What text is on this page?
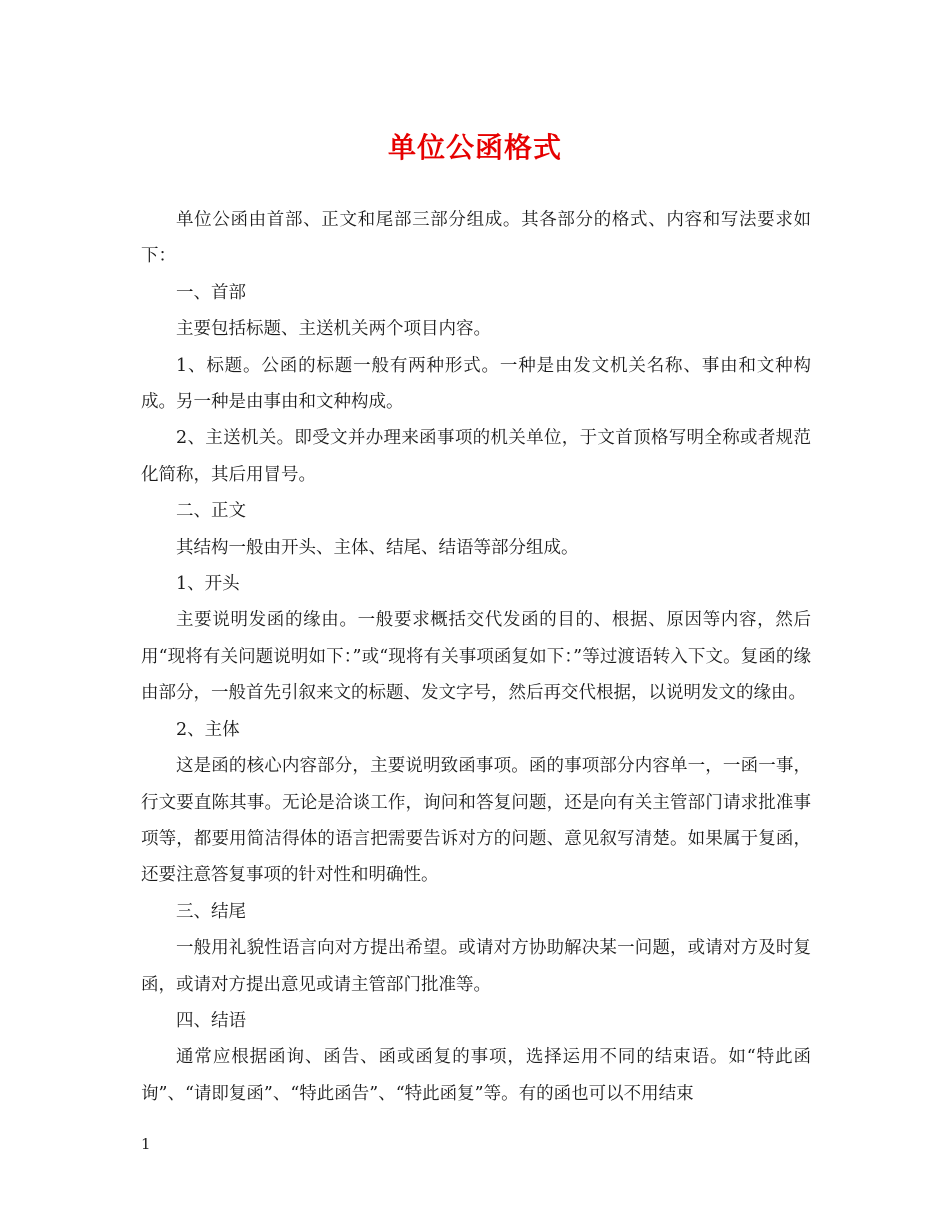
单位公函格式

单位公函由首部、正文和尾部三部分组成。其各部分的格式、内容和写法要求如下：

一、首部

主要包括标题、主送机关两个项目内容。

1、标题。公函的标题一般有两种形式。一种是由发文机关名称、事由和文种构成。另一种是由事由和文种构成。

2、主送机关。即受文并办理来函事项的机关单位，于文首顶格写明全称或者规范化简称，其后用冒号。

二、正文

其结构一般由开头、主体、结尾、结语等部分组成。

1、开头

主要说明发函的缘由。一般要求概括交代发函的目的、根据、原因等内容，然后用“现将有关问题说明如下：”或“现将有关事项函复如下：”等过渡语转入下文。复函的缘由部分，一般首先引叙来文的标题、发文字号，然后再交代根据，以说明发文的缘由。

2、主体

这是函的核心内容部分，主要说明致函事项。函的事项部分内容单一，一函一事，行文要直陈其事。无论是洽谈工作，询问和答复问题，还是向有关主管部门请求批准事项等，都要用简洁得体的语言把需要告诉对方的问题、意见叙写清楚。如果属于复函，还要注意答复事项的针对性和明确性。

三、结尾

一般用礼貌性语言向对方提出希望。或请对方协助解决某一问题，或请对方及时复函，或请对方提出意见或请主管部门批准等。

四、结语

通常应根据函询、函告、函或函复的事项，选择运用不同的结束语。如“特此函询”、“请即复函”、“特此函告”、“特此函复”等。有的函也可以不用结束

1
